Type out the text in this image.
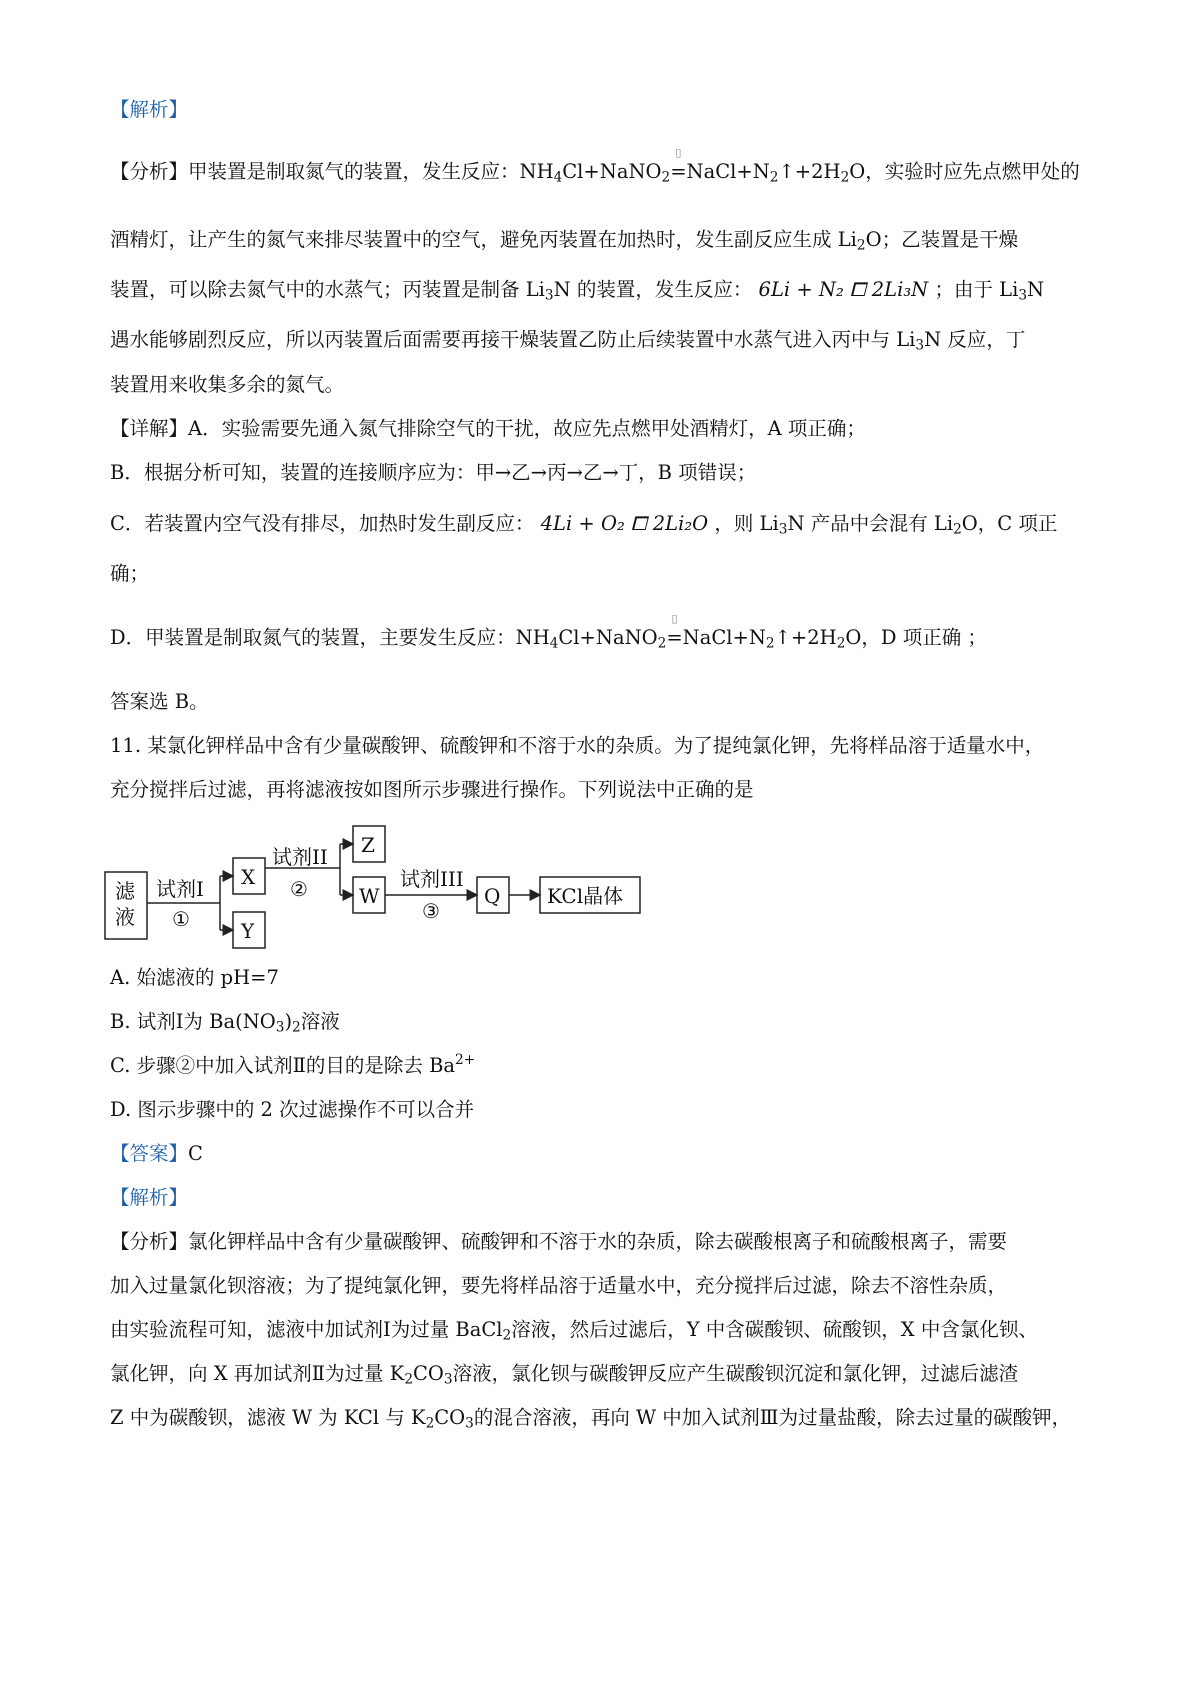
【解析】
【分析】甲装置是制取氮气的装置，发生反应：$NH_4Cl+NaNO_2$
▯
$=NaCl+N_2↑+2H_2O$，实验时应先点燃甲处的
酒精灯，让产生的氮气来排尽装置中的空气，避免丙装置在加热时，发生副反应生成 $Li_2O$；乙装置是干燥
装置，可以除去氮气中的水蒸气；丙装置是制备 $Li_3N$ 的装置，发生反应： 6Li + N₂ ⧠ 2Li₃N ；由于 $Li_3N$
遇水能够剧烈反应，所以丙装置后面需要再接干燥装置乙防止后续装置中水蒸气进入丙中与 $Li_3N$ 反应，丁
装置用来收集多余的氮气。
【详解】A．实验需要先通入氮气排除空气的干扰，故应先点燃甲处酒精灯，A 项正确；
B．根据分析可知，装置的连接顺序应为：甲→乙→丙→乙→丁，B 项错误；
C．若装置内空气没有排尽，加热时发生副反应： 4Li + O₂ ⧠ 2Li₂O ，则 $Li_3N$ 产品中会混有 $Li_2O$，C 项正
确；
D．甲装置是制取氮气的装置，主要发生反应：$NH_4Cl+NaNO_2$
▯
$=NaCl+N_2↑+2H_2O$，D 项正确 ；
答案选 B。
11. 某氯化钾样品中含有少量碳酸钾、硫酸钾和不溶于水的杂质。为了提纯氯化钾，先将样品溶于适量水中，
充分搅拌后过滤，再将滤液按如图所示步骤进行操作。下列说法中正确的是
滤
液
X
Y
Z
W	Q KCl晶体
试剂I
①
试剂II
②	试剂III
③
A. 始滤液的 pH=7
B. 试剂Ⅰ为 $Ba(NO_3)_2$溶液
C. 步骤②中加入试剂Ⅱ的目的是除去 $Ba^{2+}$
D. 图示步骤中的 2 次过滤操作不可以合并
【答案】C
【解析】
【分析】氯化钾样品中含有少量碳酸钾、硫酸钾和不溶于水的杂质，除去碳酸根离子和硫酸根离子，需要
加入过量氯化钡溶液；为了提纯氯化钾，要先将样品溶于适量水中，充分搅拌后过滤，除去不溶性杂质，
由实验流程可知，滤液中加试剂Ⅰ为过量 BaCl$_2$溶液，然后过滤后，Y 中含碳酸钡、硫酸钡，X 中含氯化钡、
氯化钾，向 X 再加试剂Ⅱ为过量 $K_2CO_3$溶液，氯化钡与碳酸钾反应产生碳酸钡沉淀和氯化钾，过滤后滤渣
Z 中为碳酸钡，滤液 W 为 KCl 与 $K_2CO_3$的混合溶液，再向 W 中加入试剂Ⅲ为过量盐酸，除去过量的碳酸钾，
